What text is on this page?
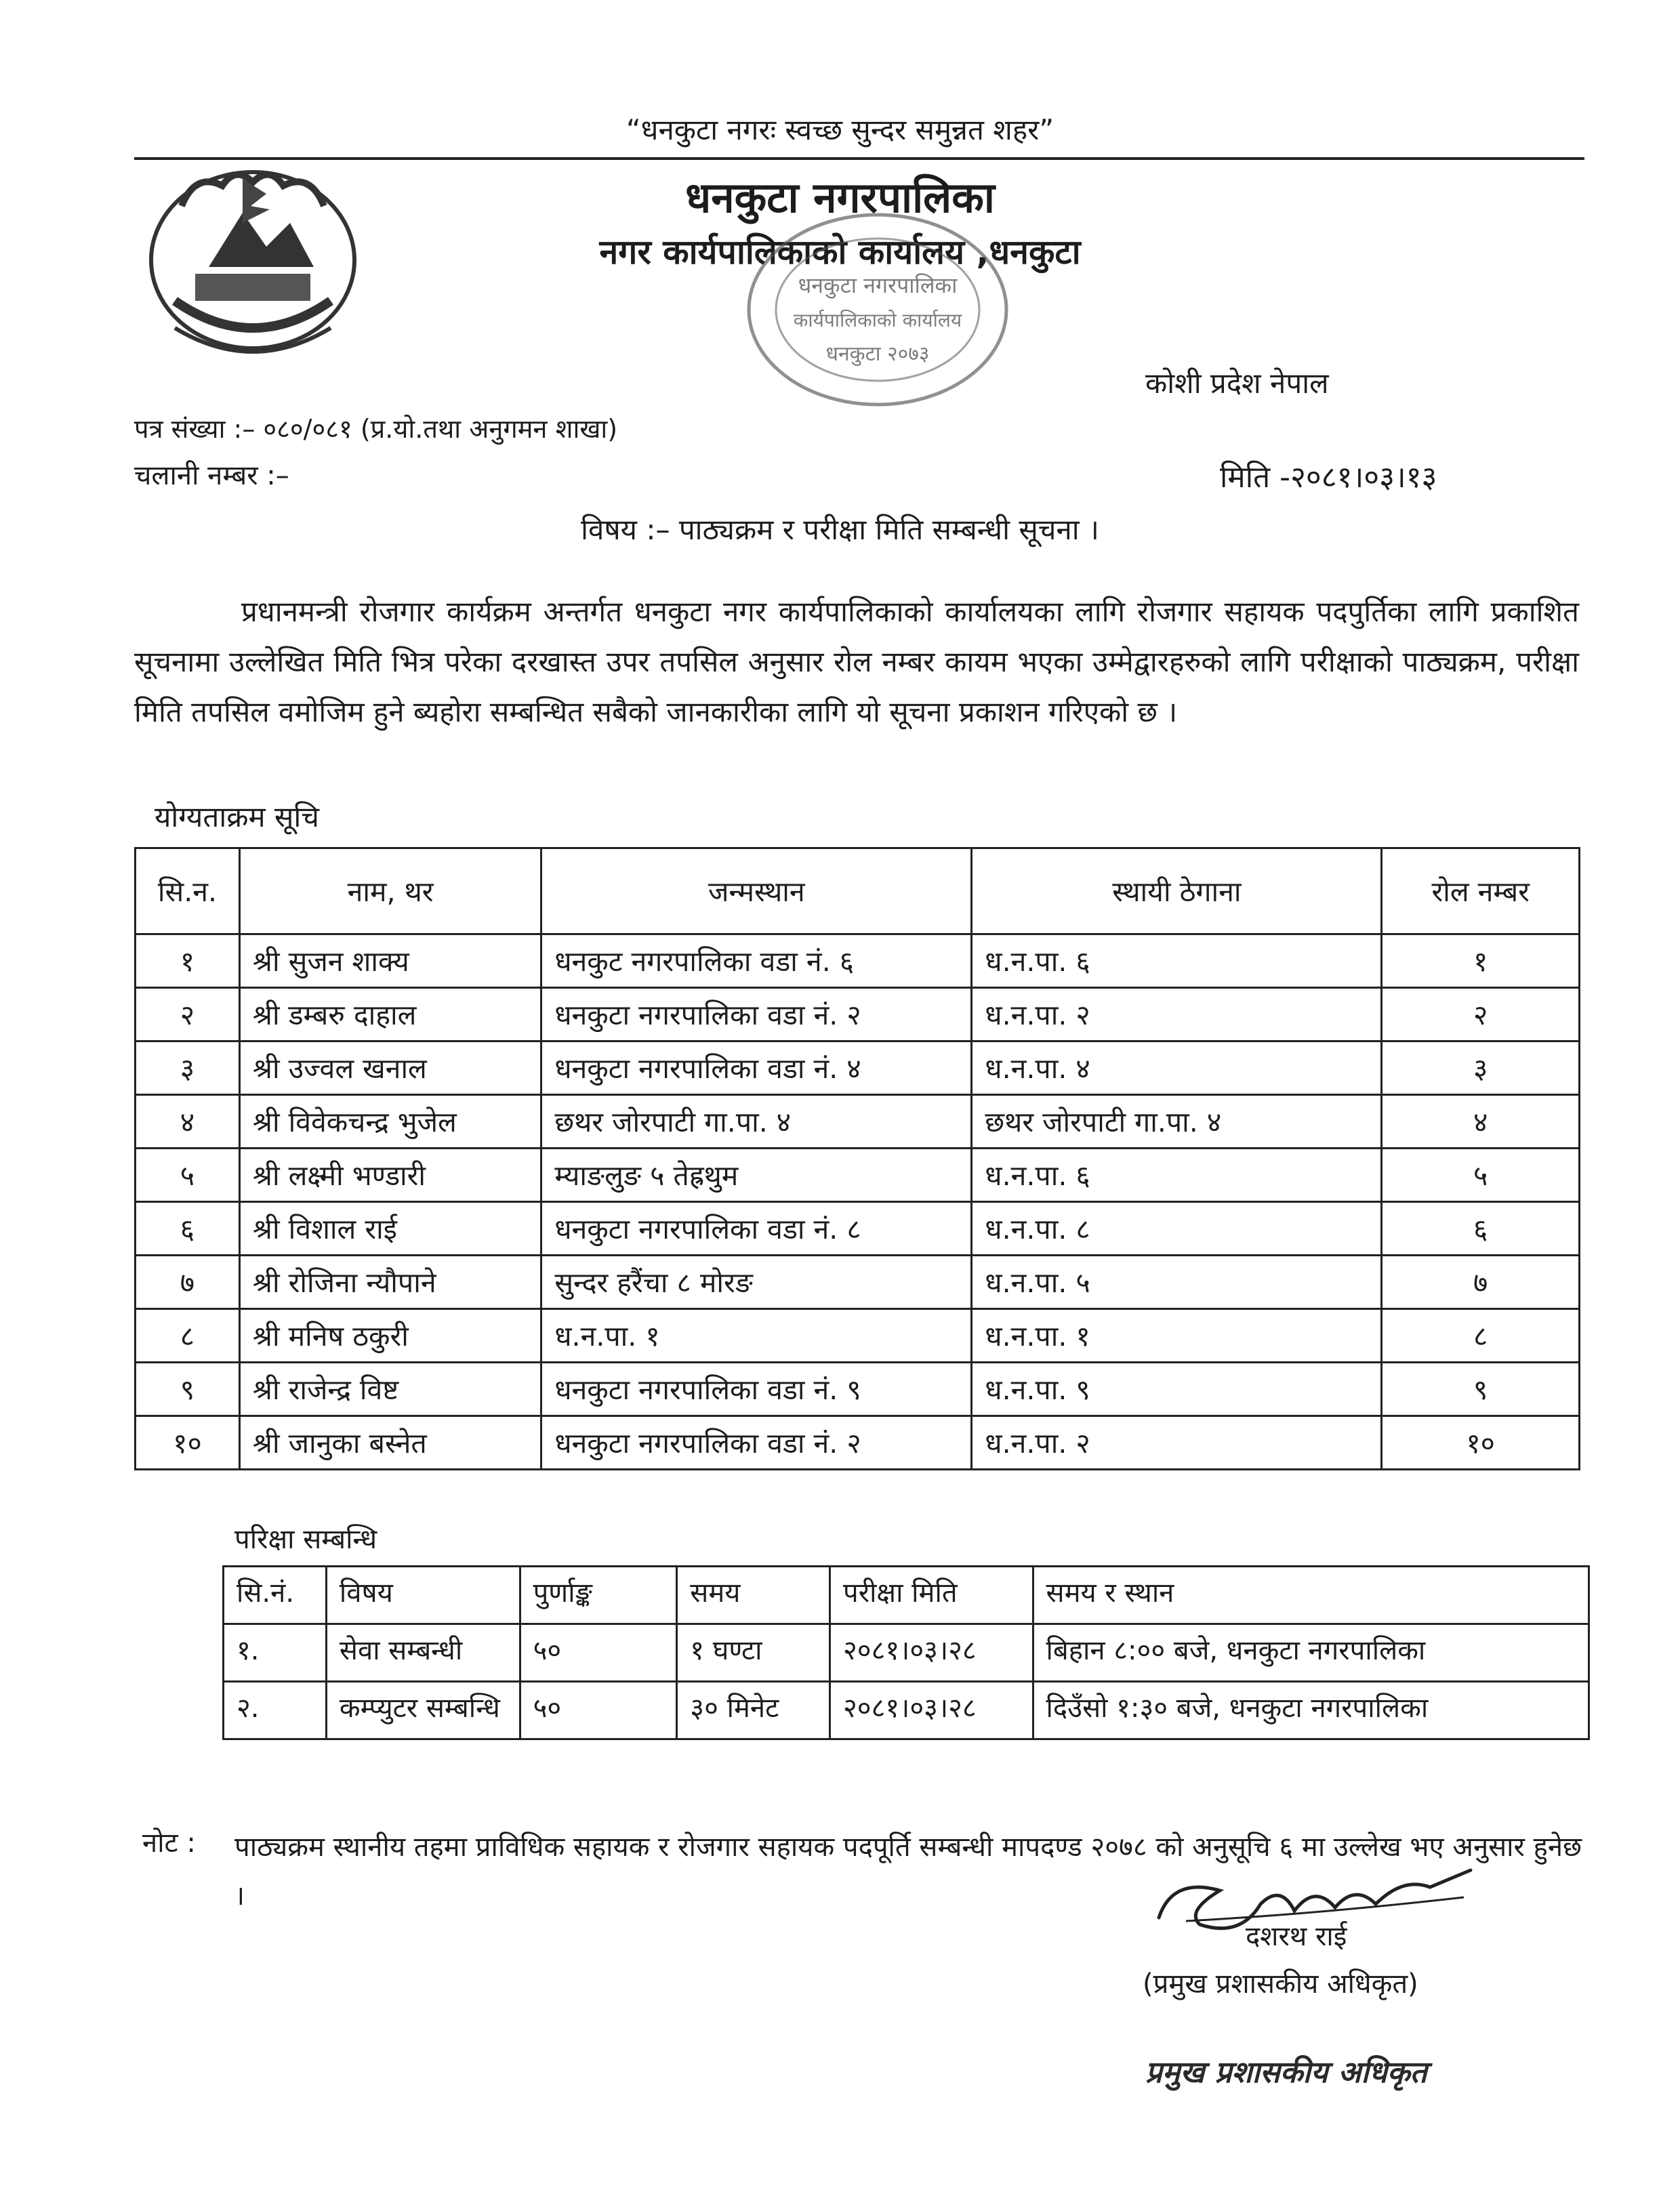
“धनकुटा नगरः स्वच्छ सुन्दर समुन्नत शहर”
धनकुटा नगरपालिका
नगर कार्यपालिकाको कार्यालय ,धनकुटा
धनकुटा नगरपालिका
कार्यपालिकाको कार्यालय
धनकुटा २०७३
कोशी प्रदेश नेपाल
पत्र संख्या :– ०८०/०८१ (प्र.यो.तथा अनुगमन शाखा)
चलानी नम्बर :–	मिति -२०८१।०३।१३
विषय :– पाठ्यक्रम र परीक्षा मिति सम्बन्धी सूचना ।
प्रधानमन्त्री रोजगार कार्यक्रम अन्तर्गत धनकुटा नगर कार्यपालिकाको कार्यालयका लागि रोजगार सहायक पदपुर्तिका लागि प्रकाशित सूचनामा उल्लेखित मिति भित्र परेका दरखास्त उपर तपसिल अनुसार रोल नम्बर कायम भएका उम्मेद्वारहरुको लागि परीक्षाको पाठ्यक्रम, परीक्षा मिति तपसिल वमोजिम हुने ब्यहोरा सम्बन्धित सबैको जानकारीका लागि यो सूचना प्रकाशन गरिएको छ ।
योग्यताक्रम सूचि
सि.न.	नाम, थर	जन्मस्थान	स्थायी ठेगाना	रोल नम्बर
१	श्री सुजन शाक्य	धनकुट नगरपालिका वडा नं. ६	ध.न.पा. ६	१
२	श्री डम्बरु दाहाल	धनकुटा नगरपालिका वडा नं. २	ध.न.पा. २	२
३	श्री उज्वल खनाल	धनकुटा नगरपालिका वडा नं. ४	ध.न.पा. ४	३
४	श्री विवेकचन्द्र भुजेल	छथर जोरपाटी गा.पा. ४	छथर जोरपाटी गा.पा. ४	४
५	श्री लक्ष्मी भण्डारी	म्याङलुङ ५ तेह्रथुम	ध.न.पा. ६	५
६	श्री विशाल राई	धनकुटा नगरपालिका वडा नं. ८	ध.न.पा. ८	६
७	श्री रोजिना न्यौपाने	सुन्दर हरैंचा ८ मोरङ	ध.न.पा. ५	७
८	श्री मनिष ठकुरी	ध.न.पा. १	ध.न.पा. १	८
९	श्री राजेन्द्र विष्ट	धनकुटा नगरपालिका वडा नं. ९	ध.न.पा. ९	९
१०	श्री जानुका बस्नेत	धनकुटा नगरपालिका वडा नं. २	ध.न.पा. २	१०
परिक्षा सम्बन्धि
सि.नं.	विषय	पुर्णाङ्क	समय	परीक्षा मिति	समय र स्थान
१.	सेवा सम्बन्धी	५०	१ घण्टा	२०८१।०३।२८	बिहान ८:०० बजे, धनकुटा नगरपालिका
२.	कम्प्युटर सम्बन्धि	५०	३० मिनेट	२०८१।०३।२८	दिउँसो १:३० बजे, धनकुटा नगरपालिका
नोट : पाठ्यक्रम स्थानीय तहमा प्राविधिक सहायक र रोजगार सहायक पदपूर्ति सम्बन्धी मापदण्ड २०७८ को अनुसूचि ६ मा उल्लेख भए अनुसार हुनेछ ।
दशरथ राई
(प्रमुख प्रशासकीय अधिकृत)
प्रमुख प्रशासकीय अधिकृत
